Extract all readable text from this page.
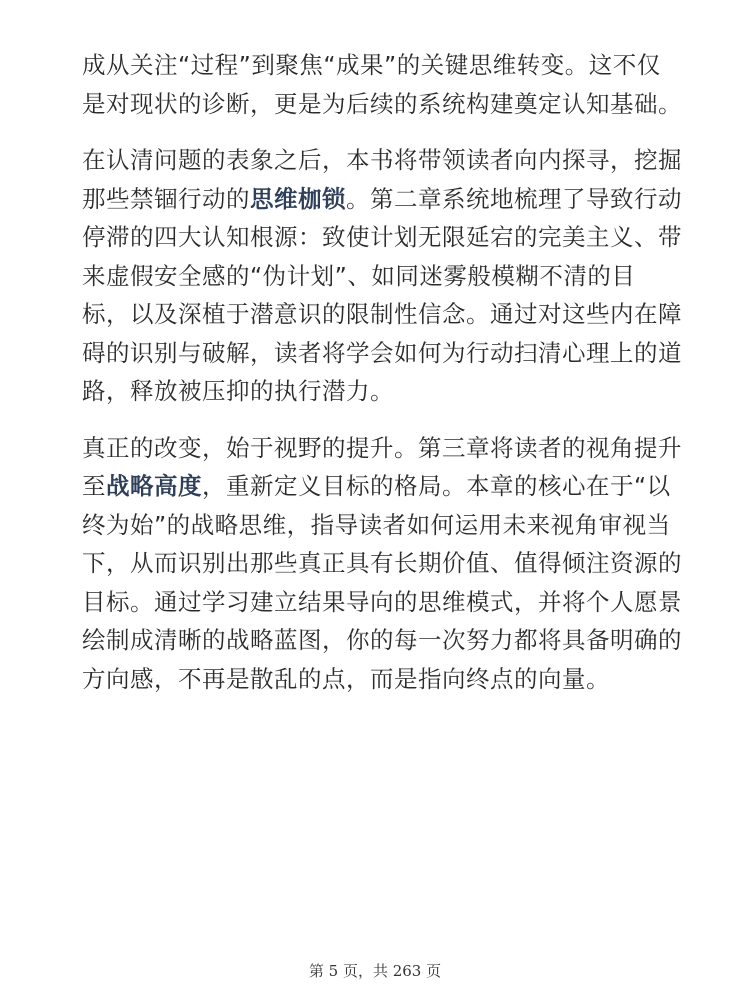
成从关注“过程”到聚焦“成果”的关键思维转变。这不仅是对现状的诊断，更是为后续的系统构建奠定认知基础。

在认清问题的表象之后，本书将带领读者向内探寻，挖掘那些禁锢行动的思维枷锁。第二章系统地梳理了导致行动停滞的四大认知根源：致使计划无限延宕的完美主义、带来虚假安全感的“伪计划”、如同迷雾般模糊不清的目标，以及深植于潜意识的限制性信念。通过对这些内在障碍的识别与破解，读者将学会如何为行动扫清心理上的道路，释放被压抑的执行潜力。

真正的改变，始于视野的提升。第三章将读者的视角提升至战略高度，重新定义目标的格局。本章的核心在于“以终为始”的战略思维，指导读者如何运用未来视角审视当下，从而识别出那些真正具有长期价值、值得倾注资源的目标。通过学习建立结果导向的思维模式，并将个人愿景绘制成清晰的战略蓝图，你的每一次努力都将具备明确的方向感，不再是散乱的点，而是指向终点的向量。

第 5 页，共 263 页
